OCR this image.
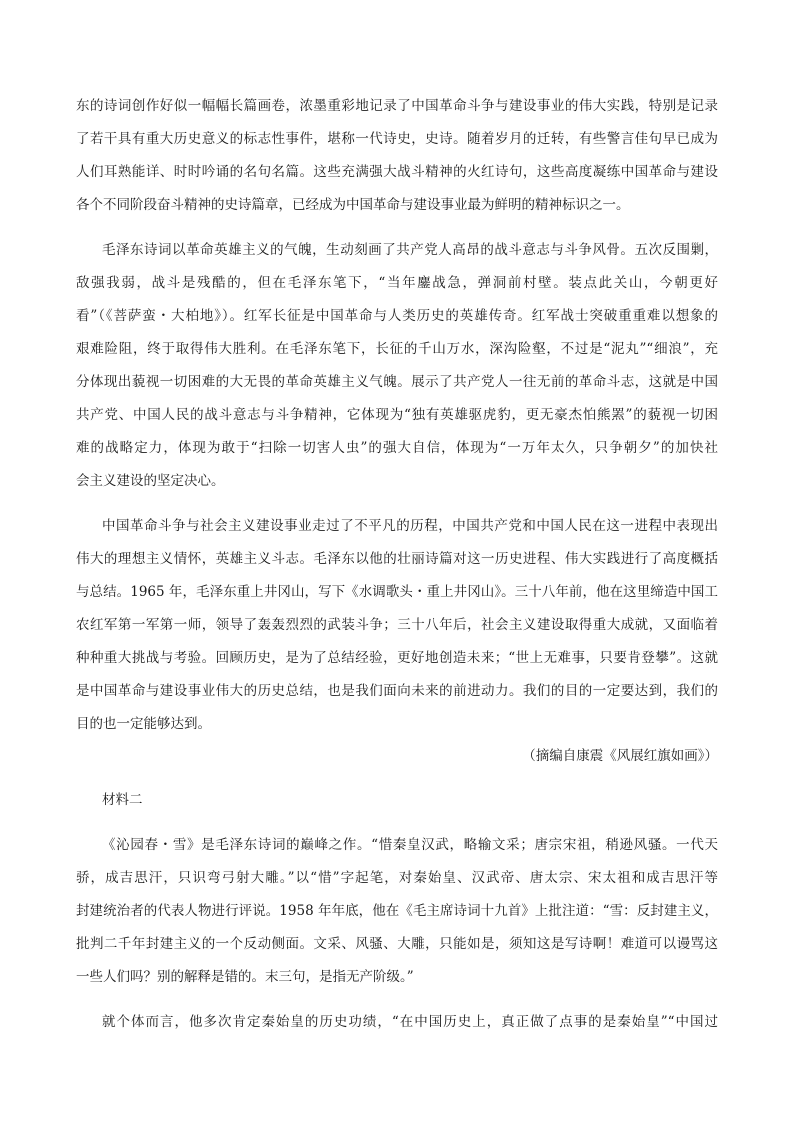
东的诗词创作好似一幅幅长篇画卷，浓墨重彩地记录了中国革命斗争与建设事业的伟大实践，特别是记录
了若干具有重大历史意义的标志性事件，堪称一代诗史，史诗。随着岁月的迁转，有些警言佳句早已成为
人们耳熟能详、时时吟诵的名句名篇。这些充满强大战斗精神的火红诗句，这些高度凝练中国革命与建设
各个不同阶段奋斗精神的史诗篇章，已经成为中国革命与建设事业最为鲜明的精神标识之一。
毛泽东诗词以革命英雄主义的气魄，生动刻画了共产党人高昂的战斗意志与斗争风骨。五次反围剿，
敌强我弱，战斗是残酷的，但在毛泽东笔下，“当年鏖战急，弹洞前村壁。装点此关山，今朝更好
看”（《菩萨蛮・大柏地》）。红军长征是中国革命与人类历史的英雄传奇。红军战士突破重重难以想象的
艰难险阻，终于取得伟大胜利。在毛泽东笔下，长征的千山万水，深沟险壑，不过是“泥丸”“细浪”，充
分体现出藐视一切困难的大无畏的革命英雄主义气魄。展示了共产党人一往无前的革命斗志，这就是中国
共产党、中国人民的战斗意志与斗争精神，它体现为“独有英雄驱虎豹，更无豪杰怕熊罴”的藐视一切困
难的战略定力，体现为敢于“扫除一切害人虫”的强大自信，体现为“一万年太久，只争朝夕”的加快社
会主义建设的坚定决心。
中国革命斗争与社会主义建设事业走过了不平凡的历程，中国共产党和中国人民在这一进程中表现出
伟大的理想主义情怀，英雄主义斗志。毛泽东以他的壮丽诗篇对这一历史进程、伟大实践进行了高度概括
与总结。1965 年，毛泽东重上井冈山，写下《水调歌头・重上井冈山》。三十八年前，他在这里缔造中国工
农红军第一军第一师，领导了轰轰烈烈的武装斗争；三十八年后，社会主义建设取得重大成就，又面临着
种种重大挑战与考验。回顾历史，是为了总结经验，更好地创造未来；“世上无难事，只要肯登攀”。这就
是中国革命与建设事业伟大的历史总结，也是我们面向未来的前进动力。我们的目的一定要达到，我们的
目的也一定能够达到。
（摘编自康震《风展红旗如画》）
材料二
《沁园春・雪》是毛泽东诗词的巅峰之作。“惜秦皇汉武，略输文采；唐宗宋祖，稍逊风骚。一代天
骄，成吉思汗，只识弯弓射大雕。”以“惜”字起笔，对秦始皇、汉武帝、唐太宗、宋太祖和成吉思汗等
封建统治者的代表人物进行评说。1958 年年底，他在《毛主席诗词十九首》上批注道：“雪：反封建主义，
批判二千年封建主义的一个反动侧面。文采、风骚、大雕，只能如是，须知这是写诗啊！难道可以谩骂这
一些人们吗？别的解释是错的。末三句，是指无产阶级。”
就个体而言，他多次肯定秦始皇的历史功绩，“在中国历史上，真正做了点事的是秦始皇”“中国过
